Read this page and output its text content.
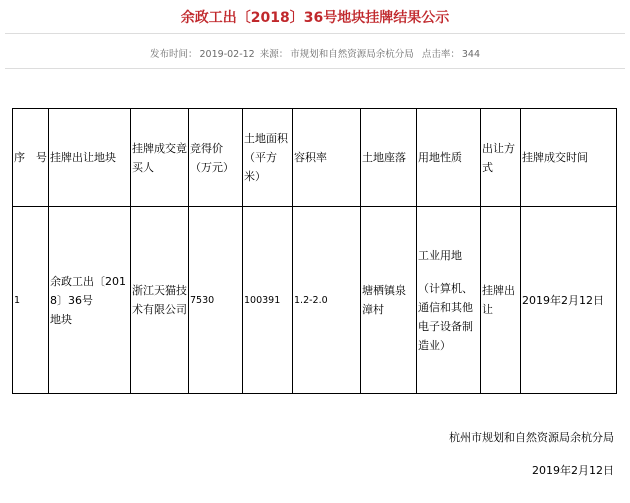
余政工出〔2018〕36号地块挂牌结果公示
发布时间： 2019-02-12 来源： 市规划和自然资源局余杭分局 点击率： 344
序　号	挂牌出让地块	挂牌成交竟买人	竞得价（万元）	土地面积（平方米）	容积率	土地座落	用地性质	出让方式	挂牌成交时间
1	余政工出〔2018〕36号
地块	浙江天猫技术有限公司	7530	100391	1.2-2.0	塘栖镇泉漳村	工业用地
（计算机、通信和其他电子设备制造业）	挂牌出让	2019年2月12日
杭州市规划和自然资源局余杭分局
2019年2月12日
